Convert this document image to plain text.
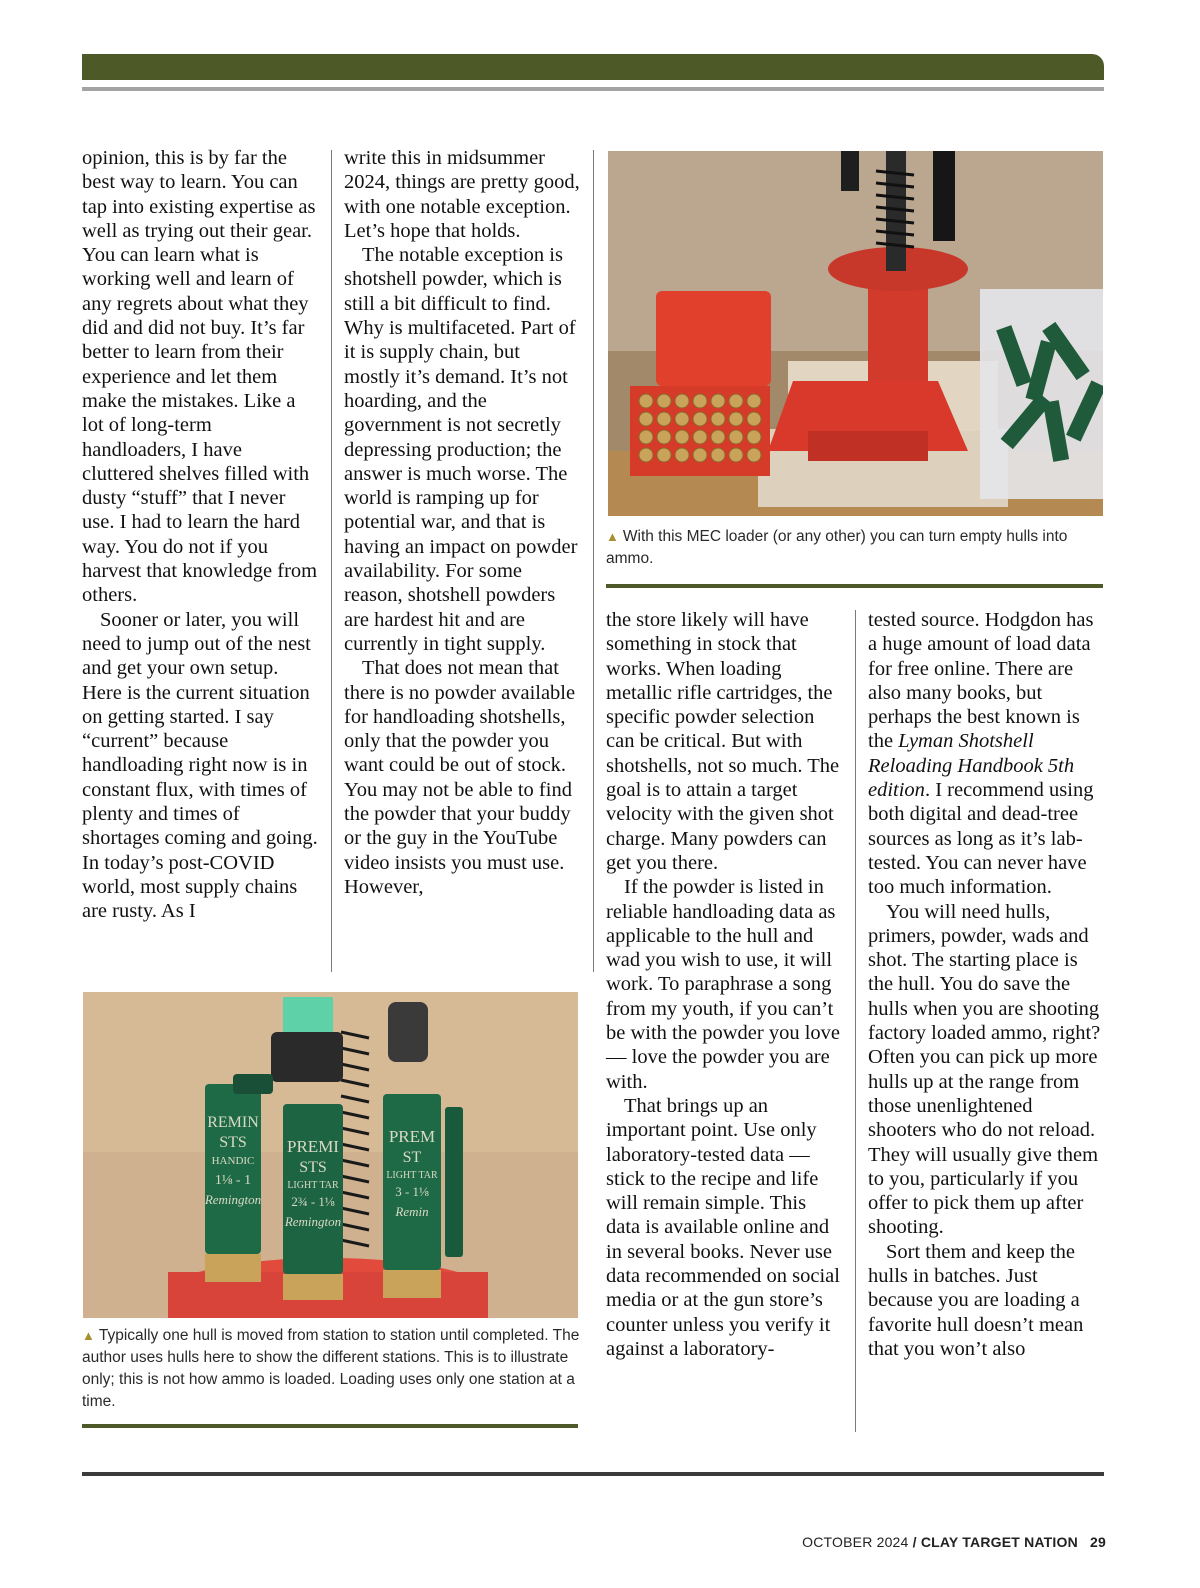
opinion, this is by far the best way to learn. You can tap into existing expertise as well as trying out their gear. You can learn what is working well and learn of any regrets about what they did and did not buy. It’s far better to learn from their experience and let them make the mistakes. Like a lot of long-term handloaders, I have cluttered shelves filled with dusty “stuff” that I never use. I had to learn the hard way. You do not if you harvest that knowledge from others.

Sooner or later, you will need to jump out of the nest and get your own setup. Here is the current situation on getting started. I say “current” because handloading right now is in constant flux, with times of plenty and times of shortages coming and going. In today’s post-COVID world, most supply chains are rusty. As I

write this in midsummer 2024, things are pretty good, with one notable exception. Let’s hope that holds.

The notable exception is shotshell powder, which is still a bit difficult to find. Why is multifaceted. Part of it is supply chain, but mostly it’s demand. It’s not hoarding, and the government is not secretly depressing production; the answer is much worse. The world is ramping up for potential war, and that is having an impact on powder availability. For some reason, shotshell powders are hardest hit and are currently in tight supply.

That does not mean that there is no powder available for handloading shotshells, only that the powder you want could be out of stock. You may not be able to find the powder that your buddy or the guy in the YouTube video insists you must use. However,

▲ With this MEC loader (or any other) you can turn empty hulls into ammo.

the store likely will have something in stock that works. When loading metallic rifle cartridges, the specific powder selection can be critical. But with shotshells, not so much. The goal is to attain a target velocity with the given shot charge. Many powders can get you there.

If the powder is listed in reliable handloading data as applicable to the hull and wad you wish to use, it will work. To paraphrase a song from my youth, if you can’t be with the powder you love — love the powder you are with.

That brings up an important point. Use only laboratory-tested data — stick to the recipe and life will remain simple. This data is available online and in several books. Never use data recommended on social media or at the gun store’s counter unless you verify it against a laboratory-

tested source. Hodgdon has a huge amount of load data for free online. There are also many books, but perhaps the best known is the Lyman Shotshell Reloading Handbook 5th edition. I recommend using both digital and dead-tree sources as long as it’s lab-tested. You can never have too much information.

You will need hulls, primers, powder, wads and shot. The starting place is the hull. You do save the hulls when you are shooting factory loaded ammo, right? Often you can pick up more hulls up at the range from those unenlightened shooters who do not reload. They will usually give them to you, particularly if you offer to pick them up after shooting.

Sort them and keep the hulls in batches. Just because you are loading a favorite hull doesn’t mean that you won’t also

REMIN
STS
HANDIC
1⅛ - 1
Remington
PREMI
STS
LIGHT TAR
2¾ - 1⅛
Remington
PREM
ST
LIGHT TAR
3 - 1⅛
Remin
▲ Typically one hull is moved from station to station until completed. The author uses hulls here to show the different stations. This is to illustrate only; this is not how ammo is loaded. Loading uses only one station at a time.
OCTOBER 2024 / CLAY TARGET NATION 29
